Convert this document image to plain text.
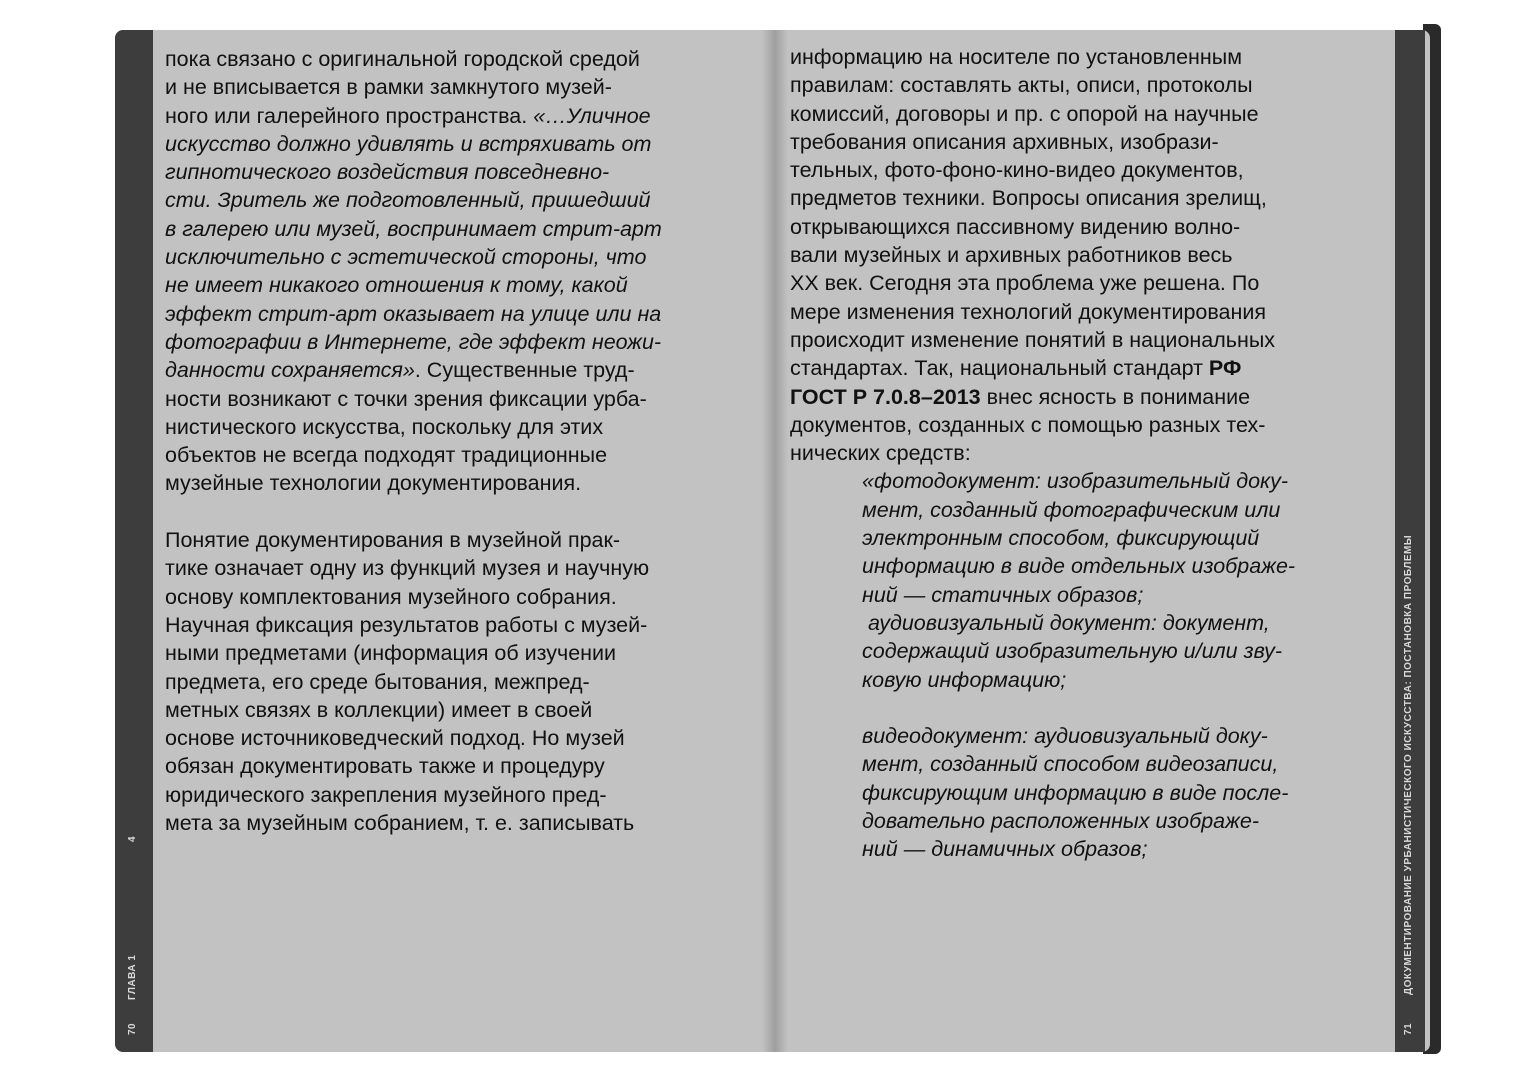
70
ГЛАВА 1
4
71
ДОКУМЕНТИРОВАНИЕ УРБАНИСТИЧЕСКОГО ИСКУССТВА: ПОСТАНОВКА ПРОБЛЕМЫ
пока связано с оригинальной городской средой
и не вписывается в рамки замкнутого музей-
ного или галерейного пространства. «…Уличное
искусство должно удивлять и встряхивать от
гипнотического воздействия повседневно-
сти. Зритель же подготовленный, пришедший
в галерею или музей, воспринимает стрит-арт
исключительно с эстетической стороны, что
не имеет никакого отношения к тому, какой
эффект стрит-арт оказывает на улице или на
фотографии в Интернете, где эффект неожи-
данности сохраняется». Существенные труд-
ности возникают с точки зрения фиксации урба-
нистического искусства, поскольку для этих
объектов не всегда подходят традиционные
музейные технологии документирования.
Понятие документирования в музейной прак-
тике означает одну из функций музея и научную
основу комплектования музейного собрания.
Научная фиксация результатов работы с музей-
ными предметами (информация об изучении
предмета, его среде бытования, межпред-
метных связях в коллекции) имеет в своей
основе источниковедческий подход. Но музей
обязан документировать также и процедуру
юридического закрепления музейного пред-
мета за музейным собранием, т. е. записывать
информацию на носителе по установленным
правилам: составлять акты, описи, протоколы
комиссий, договоры и пр. с опорой на научные
требования описания архивных, изобрази-
тельных, фото-фоно-кино-видео документов,
предметов техники. Вопросы описания зрелищ,
открывающихся пассивному видению волно-
вали музейных и архивных работников весь
XX век. Сегодня эта проблема уже решена. По
мере изменения технологий документирования
происходит изменение понятий в национальных
стандартах. Так, национальный стандарт РФ
ГОСТ Р 7.0.8–2013 внес ясность в понимание
документов, созданных с помощью разных тех-
нических средств:
«фотодокумент: изобразительный доку-
мент, созданный фотографическим или
электронным способом, фиксирующий
информацию в виде отдельных изображе-
ний — статичных образов;
аудиовизуальный документ: документ,
содержащий изобразительную и/или зву-
ковую информацию;
видеодокумент: аудиовизуальный доку-
мент, созданный способом видеозаписи,
фиксирующим информацию в виде после-
довательно расположенных изображе-
ний — динамичных образов;
